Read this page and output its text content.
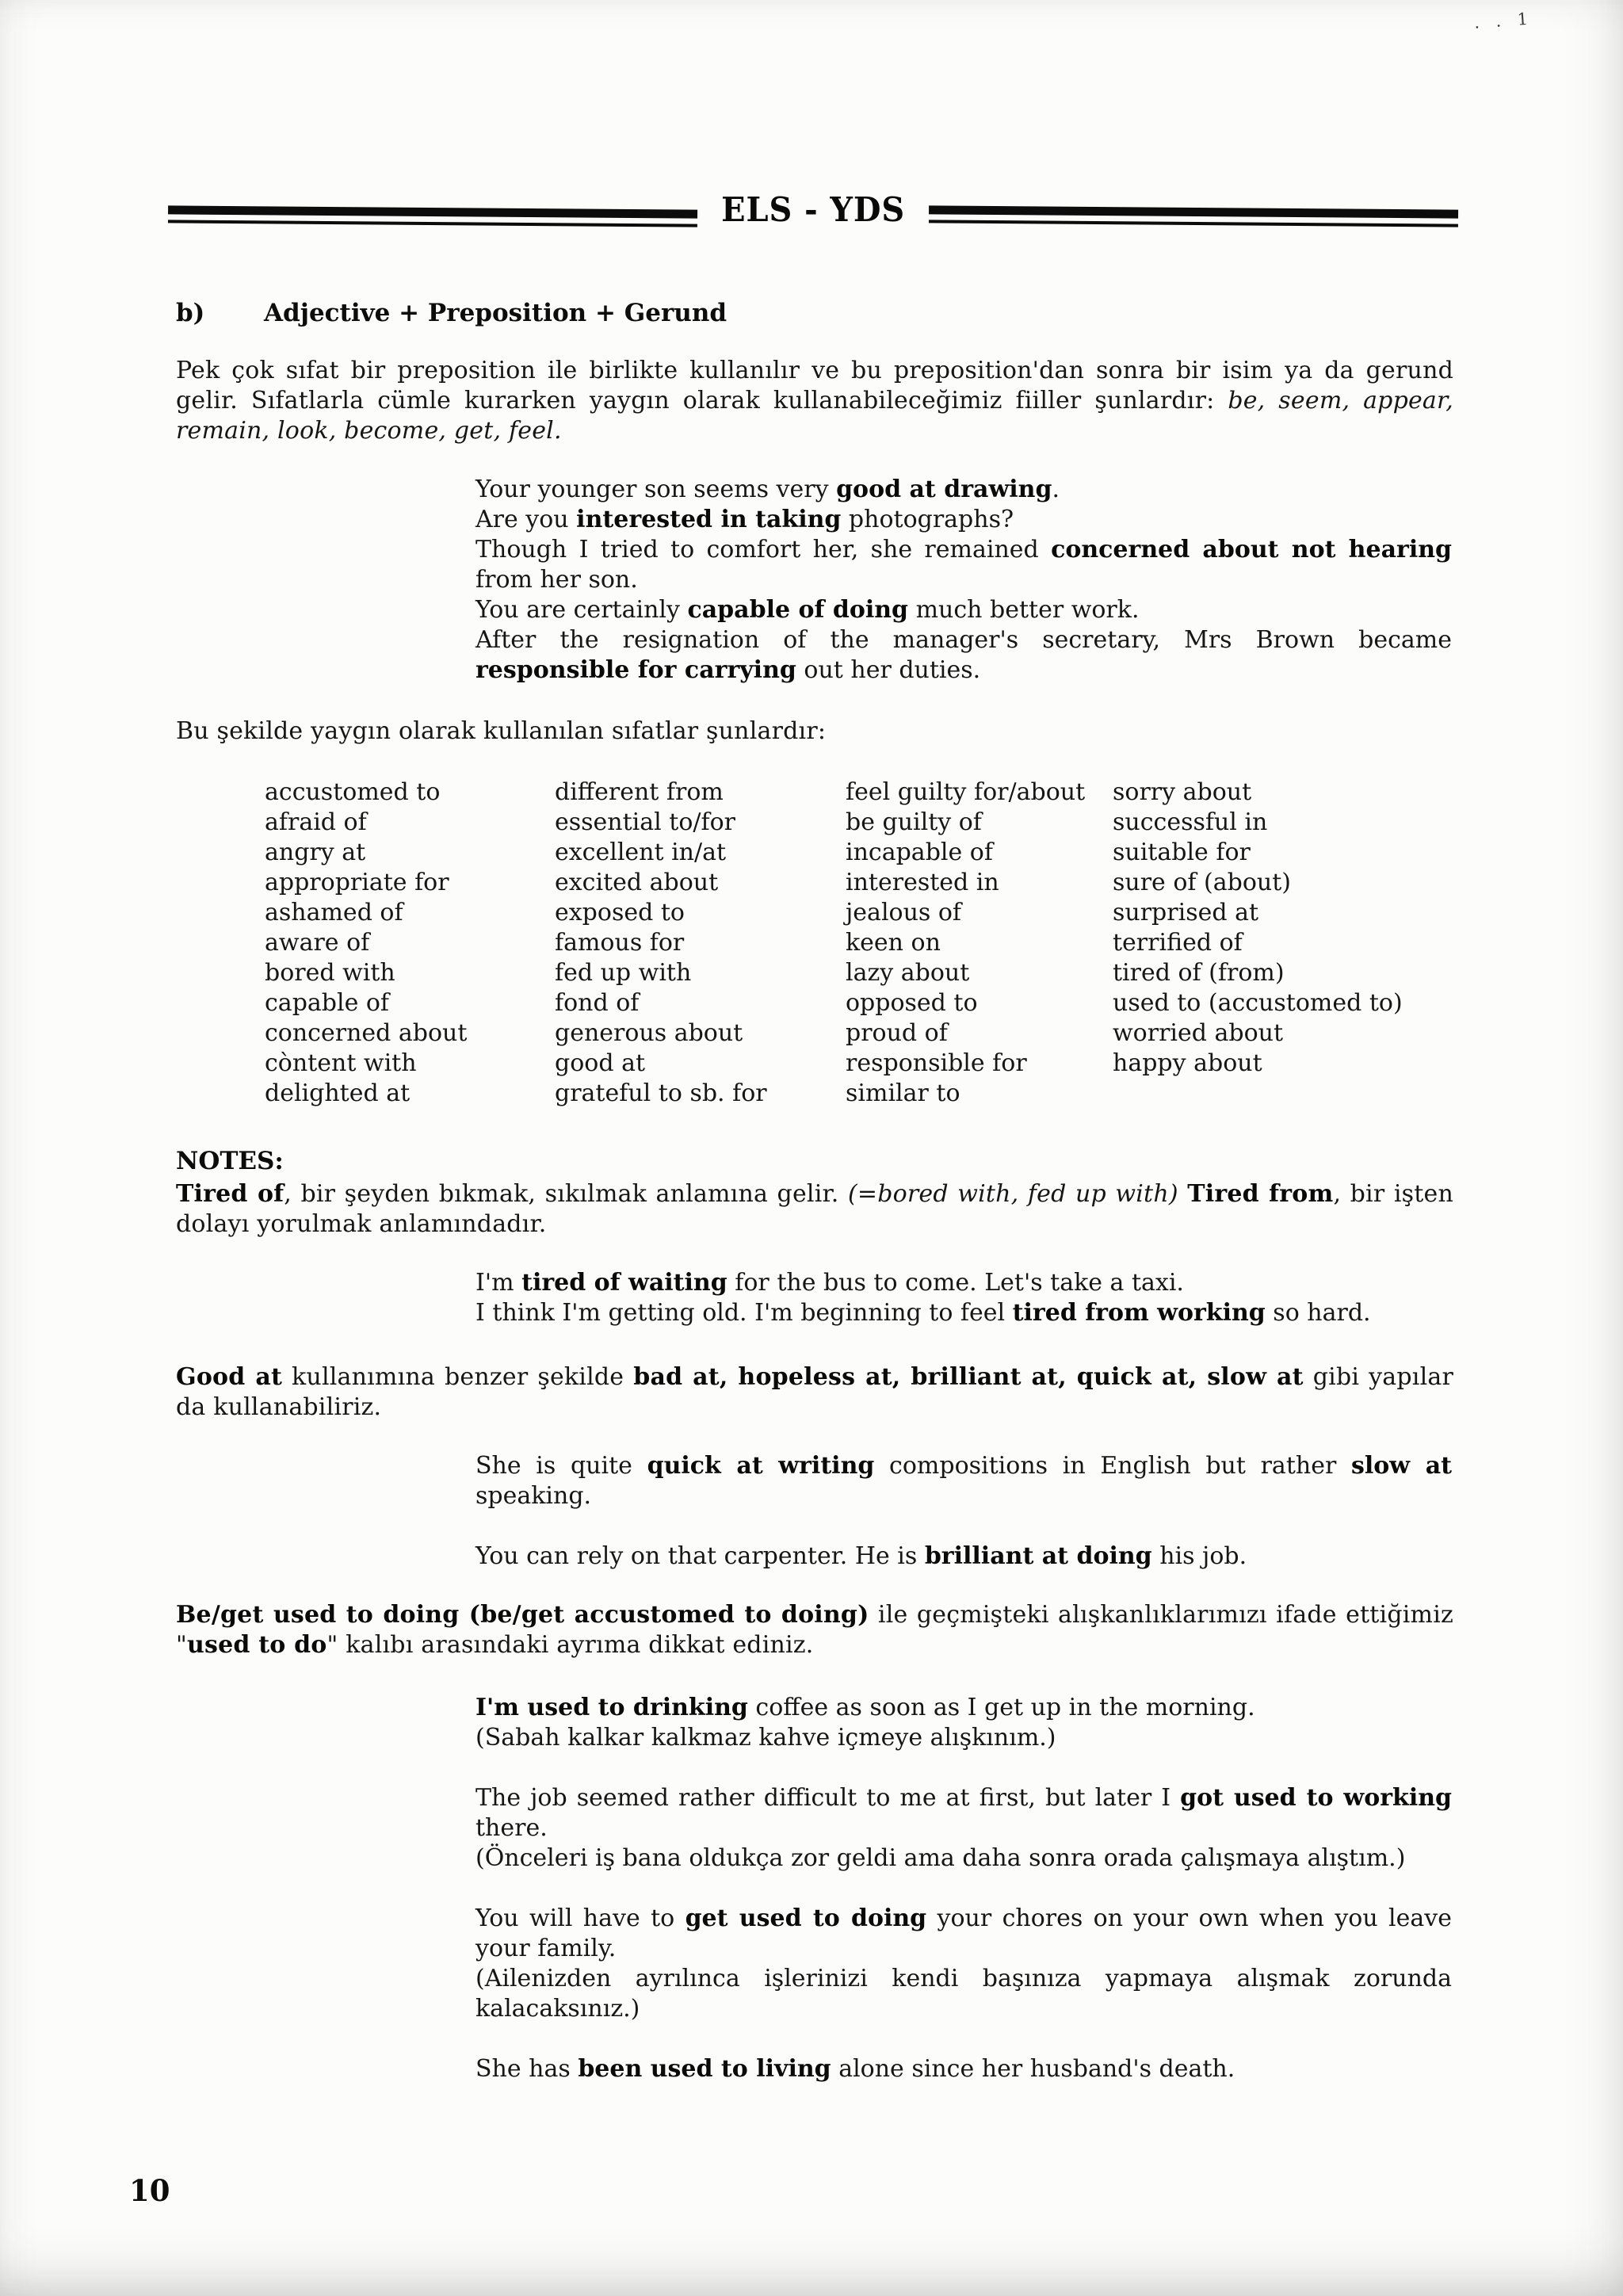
. . 1
ELS - YDS
b)	Adjective + Preposition + Gerund

Pek çok sıfat bir preposition ile birlikte kullanılır ve bu preposition'dan sonra bir isim ya da gerund gelir. Sıfatlarla cümle kurarken yaygın olarak kullanabileceğimiz fiiller şunlardır: be, seem, appear, remain, look, become, get, feel.

Your younger son seems very good at drawing.

Are you interested in taking photographs?

Though I tried to comfort her, she remained concerned about not hearing from her son.

You are certainly capable of doing much better work.

After the resignation of the manager's secretary, Mrs Brown became responsible for carrying out her duties.

Bu şekilde yaygın olarak kullanılan sıfatlar şunlardır:

accustomed to
afraid of
angry at
appropriate for
ashamed of
aware of
bored with
capable of
concerned about
còntent with
delighted at
different from
essential to/for
excellent in/at
excited about
exposed to
famous for
fed up with
fond of
generous about
good at
grateful to sb. for
feel guilty for/about
be guilty of
incapable of
interested in
jealous of
keen on
lazy about
opposed to
proud of
responsible for
similar to
sorry about
successful in
suitable for
sure of (about)
surprised at
terrified of
tired of (from)
used to (accustomed to)
worried about
happy about
NOTES:

Tired of, bir şeyden bıkmak, sıkılmak anlamına gelir. (=bored with, fed up with) Tired from, bir işten dolayı yorulmak anlamındadır.

I'm tired of waiting for the bus to come. Let's take a taxi.

I think I'm getting old. I'm beginning to feel tired from working so hard.

Good at kullanımına benzer şekilde bad at, hopeless at, brilliant at, quick at, slow at gibi yapılar da kullanabiliriz.

She is quite quick at writing compositions in English but rather slow at speaking.

You can rely on that carpenter. He is brilliant at doing his job.

Be/get used to doing (be/get accustomed to doing) ile geçmişteki alışkanlıklarımızı ifade ettiğimiz "used to do" kalıbı arasındaki ayrıma dikkat ediniz.

I'm used to drinking coffee as soon as I get up in the morning.
(Sabah kalkar kalkmaz kahve içmeye alışkınım.)

The job seemed rather difficult to me at first, but later I got used to working there.
(Önceleri iş bana oldukça zor geldi ama daha sonra orada çalışmaya alıştım.)

You will have to get used to doing your chores on your own when you leave your family.
(Ailenizden ayrılınca işlerinizi kendi başınıza yapmaya alışmak zorunda kalacaksınız.)

She has been used to living alone since her husband's death.

10
